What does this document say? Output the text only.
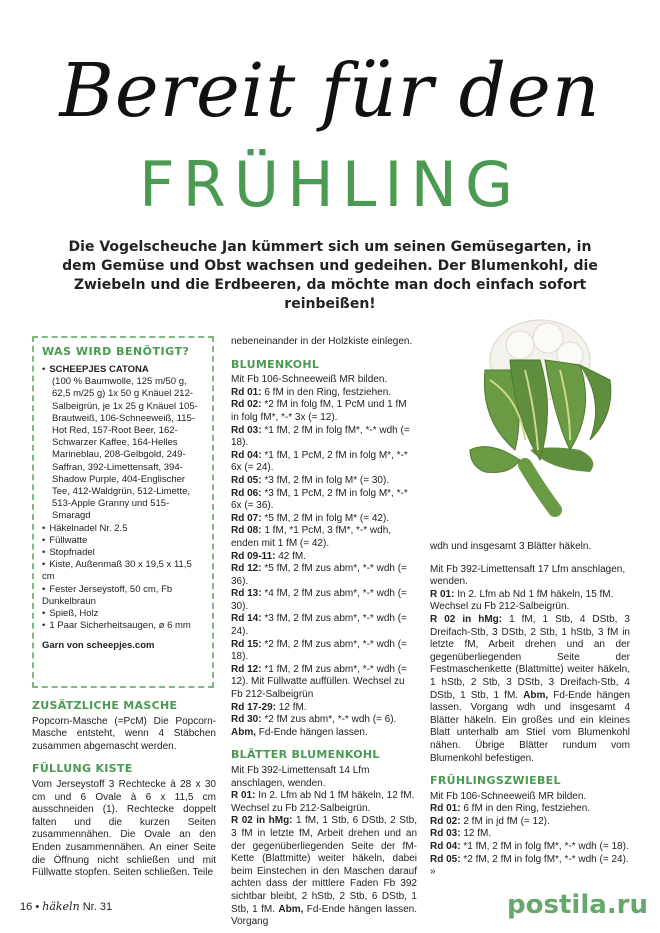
Bereit für den
FRÜHLING
Die Vogelscheuche Jan kümmert sich um seinen Gemüsegarten, in dem Gemüse und Obst wachsen und gedeihen. Der Blumenkohl, die Zwiebeln und die Erdbeeren, da möchte man doch einfach sofort reinbeißen!
WAS WIRD BENÖTIGT?
• SCHEEPJES CATONA
(100 % Baumwolle, 125 m/50 g, 62,5 m/25 g) 1x 50 g Knäuel 212-Salbeigrün, je 1x 25 g Knäuel 105-Brautweiß, 106-Schneeweiß, 115-Hot Red, 157-Root Beer, 162-Schwarzer Kaffee, 164-Helles Marineblau, 208-Gelbgold, 249-Saffran, 392-Limettensaft, 394-Shadow Purple, 404-Englischer Tee, 412-Waldgrün, 512-Limette, 513-Apple Granny und 515-Smaragd
• Häkelnadel Nr. 2.5
• Füllwatte
• Stopfnadel
• Kiste, Außenmaß 30 x 19,5 x 11,5 cm
• Fester Jerseystoff, 50 cm, Fb Dunkelbraun
• Spieß, Holz
• 1 Paar Sicherheitsaugen, ø 6 mm
Garn von scheepjes.com

ZUSÄTZLICHE MASCHE

Popcorn-Masche (=PcM) Die Popcorn-Masche entsteht, wenn 4 Stäbchen zusammen abgemascht werden.

FÜLLUNG KISTE

Vom Jerseystoff 3 Rechtecke à 28 x 30 cm und 6 Ovale à 6 x 11,5 cm ausschneiden (1). Rechtecke doppelt falten und die kurzen Seiten zusammennähen. Die Ovale an den Enden zusammennähen. An einer Seite die Öffnung nicht schließen und mit Füllwatte stopfen. Seiten schließen. Teile

nebeneinander in der Holzkiste einlegen.

BLUMENKOHL

Mit Fb 106-Schneeweiß MR bilden.

Rd 01: 6 fM in den Ring, festziehen.

Rd 02: *2 fM in folg fM, 1 PcM und 1 fM in folg fM*, *-* 3x (= 12).

Rd 03: *1 fM, 2 fM in folg fM*, *-* wdh (= 18).

Rd 04: *1 fM, 1 PcM, 2 fM in folg M*, *-* 6x (= 24).

Rd 05: *3 fM, 2 fM in folg M* (= 30).

Rd 06: *3 fM, 1 PcM, 2 fM in folg M*, *-* 6x (= 36).

Rd 07: *5 fM, 2 fM in folg M* (= 42).

Rd 08: 1 fM, *1 PcM, 3 fM*, *-* wdh, enden mit 1 fM (= 42).

Rd 09-11: 42 fM.

Rd 12: *5 fM, 2 fM zus abm*, *-* wdh (= 36).

Rd 13: *4 fM, 2 fM zus abm*, *-* wdh (= 30).

Rd 14: *3 fM, 2 fM zus abm*, *-* wdh (= 24).

Rd 15: *2 fM, 2 fM zus abm*, *-* wdh (= 18).

Rd 12: *1 fM, 2 fM zus abm*, *-* wdh (= 12). Mit Füllwatte auffüllen. Wechsel zu Fb 212-Salbeigrün

Rd 17-29: 12 fM.

Rd 30: *2 fM zus abm*, *-* wdh (= 6).

Abm, Fd-Ende hängen lassen.

BLÄTTER BLUMENKOHL

Mit Fb 392-Limettensaft 14 Lfm anschlagen, wenden.

R 01: In 2. Lfm ab Nd 1 fM häkeln, 12 fM. Wechsel zu Fb 212-Salbeigrün.

R 02 in hMg: 1 fM, 1 Stb, 6 DStb, 2 Stb, 3 fM in letzte fM, Arbeit drehen und an der gegenüberliegenden Seite der fM-Kette (Blattmitte) weiter häkeln, dabei beim Einstechen in den Maschen darauf achten dass der mittlere Faden Fb 392 sichtbar bleibt, 2 hStb, 2 Stb, 6 DStb, 1 Stb, 1 fM. Abm, Fd-Ende hängen lassen. Vorgang

wdh und insgesamt 3 Blätter häkeln.

Mit Fb 392-Limettensaft 17 Lfm anschlagen, wenden.

R 01: In 2. Lfm ab Nd 1 fM häkeln, 15 fM. Wechsel zu Fb 212-Salbeigrün.

R 02 in hMg: 1 fM, 1 Stb, 4 DStb, 3 Dreifach-Stb, 3 DStb, 2 Stb, 1 hStb, 3 fM in letzte fM, Arbeit drehen und an der gegenüberliegenden Seite der Festmaschenkette (Blattmitte) weiter häkeln, 1 hStb, 2 Stb, 3 DStb, 3 Dreifach-Stb, 4 DStb, 1 Stb, 1 fM. Abm, Fd-Ende hängen lassen. Vorgang wdh und insgesamt 4 Blätter häkeln. Ein großes und ein kleines Blatt unterhalb am Stiel vom Blumenkohl nähen. Übrige Blätter rundum vom Blumenkohl befestigen.

FRÜHLINGSZWIEBEL

Mit Fb 106-Schneeweiß MR bilden.

Rd 01: 6 fM in den Ring, festziehen.

Rd 02: 2 fM in jd fM (= 12).

Rd 03: 12 fM.

Rd 04: *1 fM, 2 fM in folg fM*, *-* wdh (= 18).

Rd 05: *2 fM, 2 fM in folg fM*, *-* wdh (= 24). »

16 • häkeln Nr. 31	postila.ru
